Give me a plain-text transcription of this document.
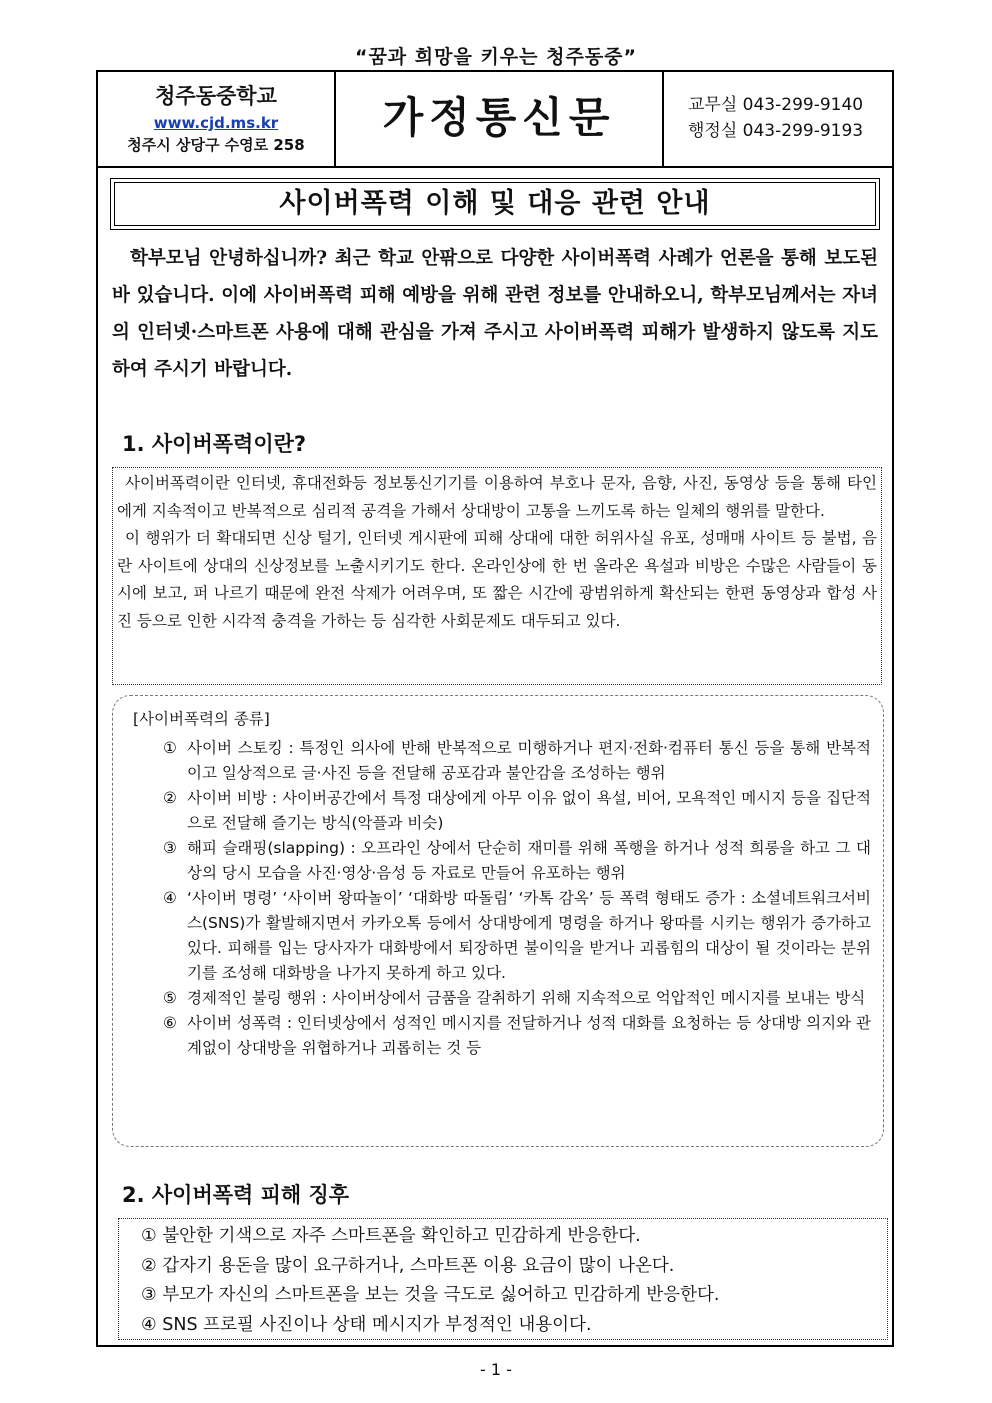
“꿈과 희망을 키우는 청주동중”
청주동중학교
www.cjd.ms.kr
청주시 상당구 수영로 258
가정통신문	교무실 043-299-9140
행정실 043-299-9193
사이버폭력 이해 및 대응 관련 안내
학부모님 안녕하십니까? 최근 학교 안팎으로 다양한 사이버폭력 사례가 언론을 통해 보도된 바 있습니다. 이에 사이버폭력 피해 예방을 위해 관련 정보를 안내하오니, 학부모님께서는 자녀의 인터넷·스마트폰 사용에 대해 관심을 가져 주시고 사이버폭력 피해가 발생하지 않도록 지도하여 주시기 바랍니다.
1. 사이버폭력이란?

사이버폭력이란 인터넷, 휴대전화등 정보통신기기를 이용하여 부호나 문자, 음향, 사진, 동영상 등을 통해 타인에게 지속적이고 반복적으로 심리적 공격을 가해서 상대방이 고통을 느끼도록 하는 일체의 행위를 말한다.

이 행위가 더 확대되면 신상 털기, 인터넷 게시판에 피해 상대에 대한 허위사실 유포, 성매매 사이트 등 불법, 음란 사이트에 상대의 신상정보를 노출시키기도 한다. 온라인상에 한 번 올라온 욕설과 비방은 수많은 사람들이 동시에 보고, 퍼 나르기 때문에 완전 삭제가 어려우며, 또 짧은 시간에 광범위하게 확산되는 한편 동영상과 합성 사진 등으로 인한 시각적 충격을 가하는 등 심각한 사회문제도 대두되고 있다.

[사이버폭력의 종류]
① 사이버 스토킹 : 특정인 의사에 반해 반복적으로 미행하거나 편지·전화·컴퓨터 통신 등을 통해 반복적이고 일상적으로 글·사진 등을 전달해 공포감과 불안감을 조성하는 행위
② 사이버 비방 : 사이버공간에서 특정 대상에게 아무 이유 없이 욕설, 비어, 모욕적인 메시지 등을 집단적으로 전달해 즐기는 방식(악플과 비슷)
③ 해피 슬래핑(slapping) : 오프라인 상에서 단순히 재미를 위해 폭행을 하거나 성적 희롱을 하고 그 대상의 당시 모습을 사진·영상·음성 등 자료로 만들어 유포하는 행위
④ ‘사이버 명령’ ‘사이버 왕따놀이’ ‘대화방 따돌림’ ‘카톡 감옥’ 등 폭력 형태도 증가 : 소셜네트워크서비스(SNS)가 활발해지면서 카카오톡 등에서 상대방에게 명령을 하거나 왕따를 시키는 행위가 증가하고 있다. 피해를 입는 당사자가 대화방에서 퇴장하면 불이익을 받거나 괴롭힘의 대상이 될 것이라는 분위기를 조성해 대화방을 나가지 못하게 하고 있다.
⑤ 경제적인 불링 행위 : 사이버상에서 금품을 갈취하기 위해 지속적으로 억압적인 메시지를 보내는 방식
⑥ 사이버 성폭력 : 인터넷상에서 성적인 메시지를 전달하거나 성적 대화를 요청하는 등 상대방 의지와 관계없이 상대방을 위협하거나 괴롭히는 것 등
2. 사이버폭력 피해 징후
① 불안한 기색으로 자주 스마트폰을 확인하고 민감하게 반응한다.
② 갑자기 용돈을 많이 요구하거나, 스마트폰 이용 요금이 많이 나온다.
③ 부모가 자신의 스마트폰을 보는 것을 극도로 싫어하고 민감하게 반응한다.
④ SNS 프로필 사진이나 상태 메시지가 부정적인 내용이다.
- 1 -
